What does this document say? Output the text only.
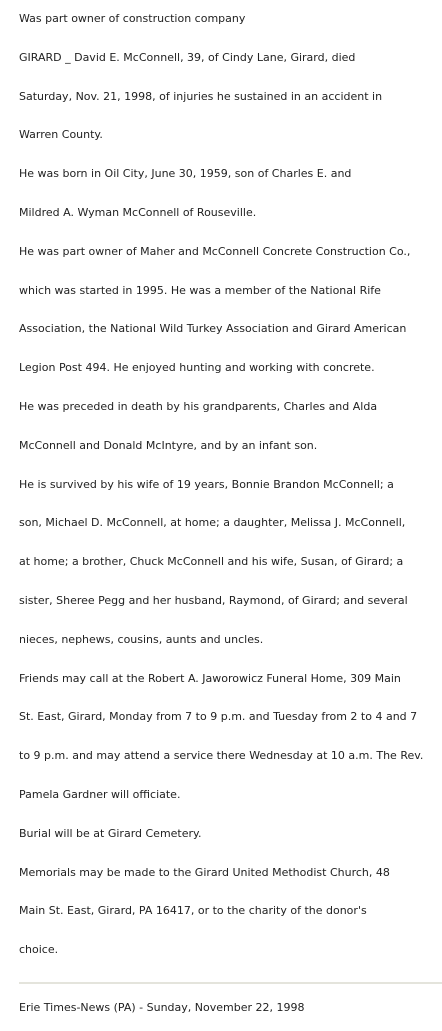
Was part owner of construction company
GIRARD _ David E. McConnell, 39, of Cindy Lane, Girard, died
Saturday, Nov. 21, 1998, of injuries he sustained in an accident in
Warren County.
He was born in Oil City, June 30, 1959, son of Charles E. and
Mildred A. Wyman McConnell of Rouseville.
He was part owner of Maher and McConnell Concrete Construction Co.,
which was started in 1995. He was a member of the National Rife
Association, the National Wild Turkey Association and Girard American
Legion Post 494. He enjoyed hunting and working with concrete.
He was preceded in death by his grandparents, Charles and Alda
McConnell and Donald McIntyre, and by an infant son.
He is survived by his wife of 19 years, Bonnie Brandon McConnell; a
son, Michael D. McConnell, at home; a daughter, Melissa J. McConnell,
at home; a brother, Chuck McConnell and his wife, Susan, of Girard; a
sister, Sheree Pegg and her husband, Raymond, of Girard; and several
nieces, nephews, cousins, aunts and uncles.
Friends may call at the Robert A. Jaworowicz Funeral Home, 309 Main
St. East, Girard, Monday from 7 to 9 p.m. and Tuesday from 2 to 4 and 7
to 9 p.m. and may attend a service there Wednesday at 10 a.m. The Rev.
Pamela Gardner will officiate.
Burial will be at Girard Cemetery.
Memorials may be made to the Girard United Methodist Church, 48
Main St. East, Girard, PA 16417, or to the charity of the donor's
choice.
Erie Times-News (PA) - Sunday, November 22, 1998
